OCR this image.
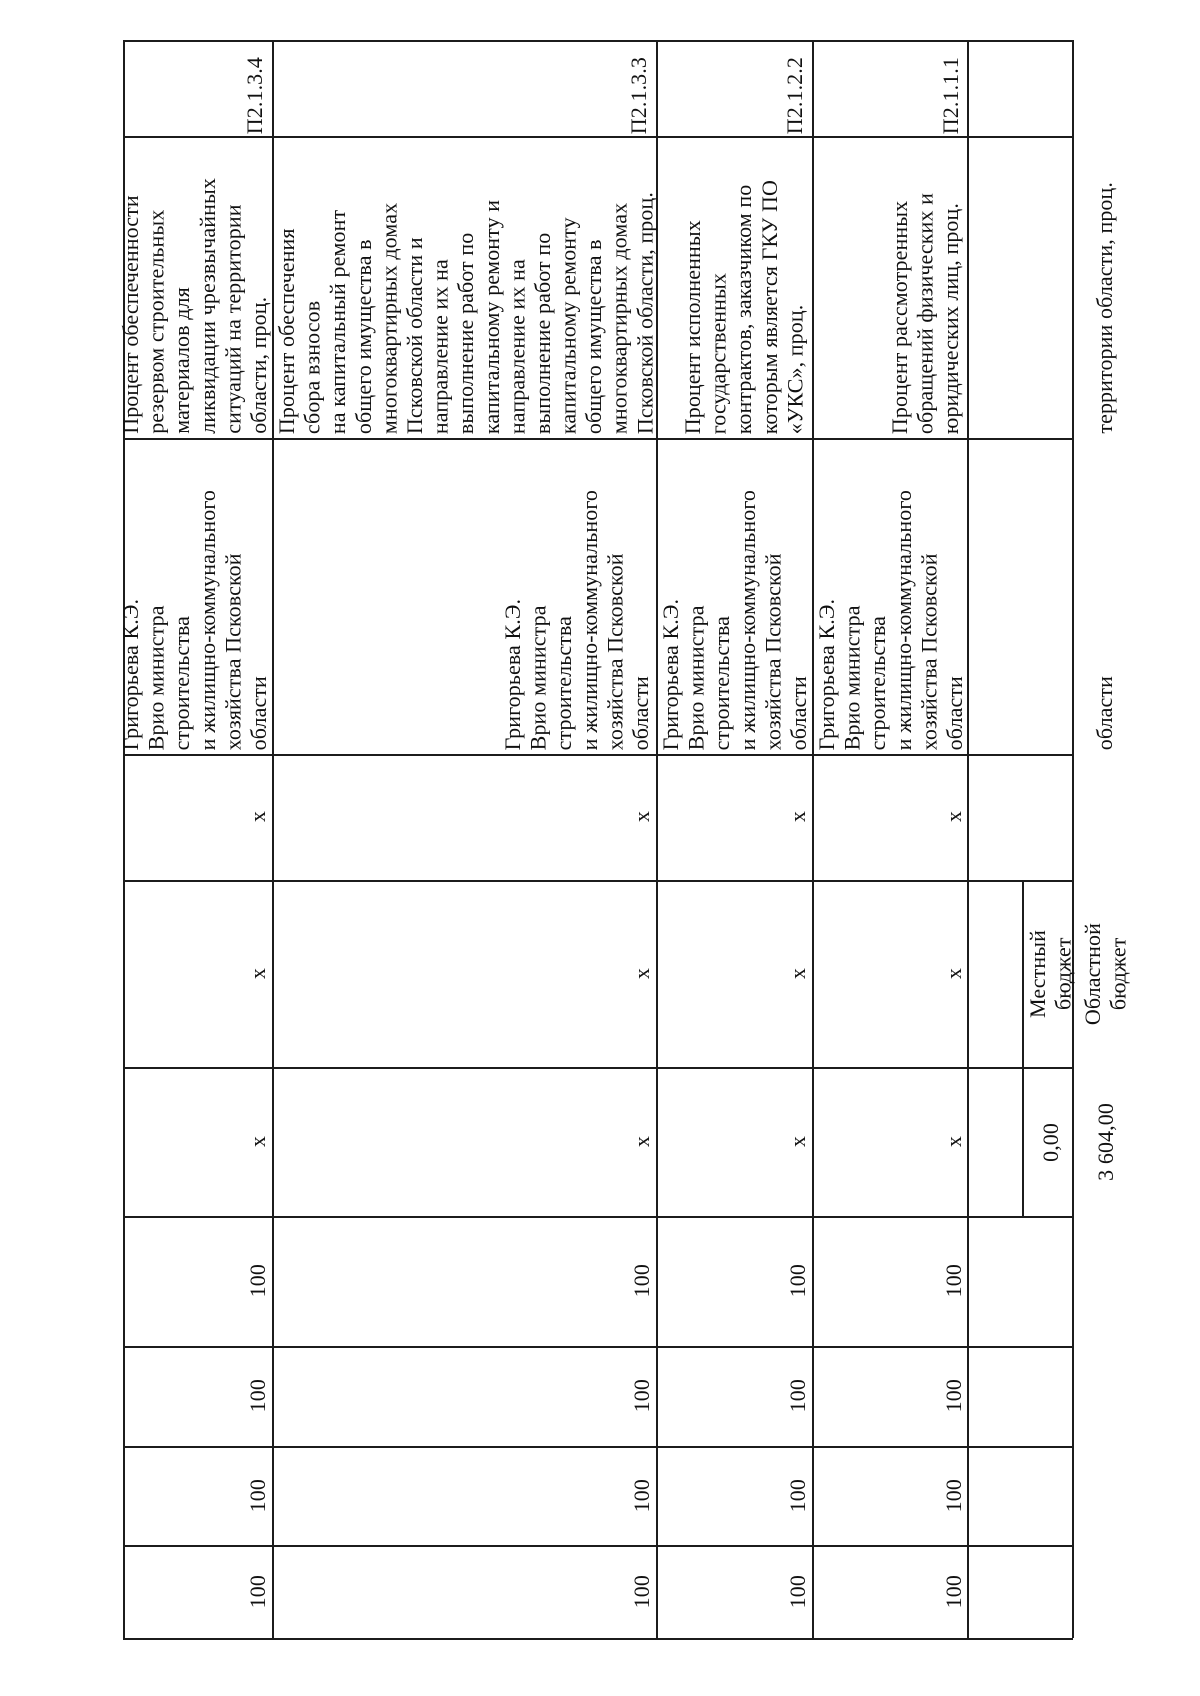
территории области, проц.
области
Областной
бюджет
Местный
бюджет
3 604,00
0,00
П2.1.1.1
Процент рассмотренных
обращений физических и
юридических лиц, проц.
Григорьева К.Э.
Врио министра
строительства
и жилищно-коммунального
хозяйства Псковской
области
x
x
x
100
100
100
100
П2.1.2.2
Процент исполненных
государственных
контрактов, заказчиком по
которым является ГКУ ПО
«УКС», проц.
Григорьева К.Э.
Врио министра
строительства
и жилищно-коммунального
хозяйства Псковской
области
x
x
x
100
100
100
100
П2.1.3.3
Процент обеспечения
сбора взносов
на капитальный ремонт
общего имущества в
многоквартирных домах
Псковской области и
направление их на
выполнение работ по
капитальному ремонту и
направление их на
выполнение работ по
капитальному ремонту
общего имущества в
многоквартирных домах
Псковской области, проц.
Григорьева К.Э.
Врио министра
строительства
и жилищно-коммунального
хозяйства Псковской
области
x
x
x
100
100
100
100
П2.1.3.4
Процент обеспеченности
резервом строительных
материалов для
ликвидации чрезвычайных
ситуаций на территории
области, проц.
Григорьева К.Э.
Врио министра
строительства
и жилищно-коммунального
хозяйства Псковской
области
x
x
x
100
100
100
100
